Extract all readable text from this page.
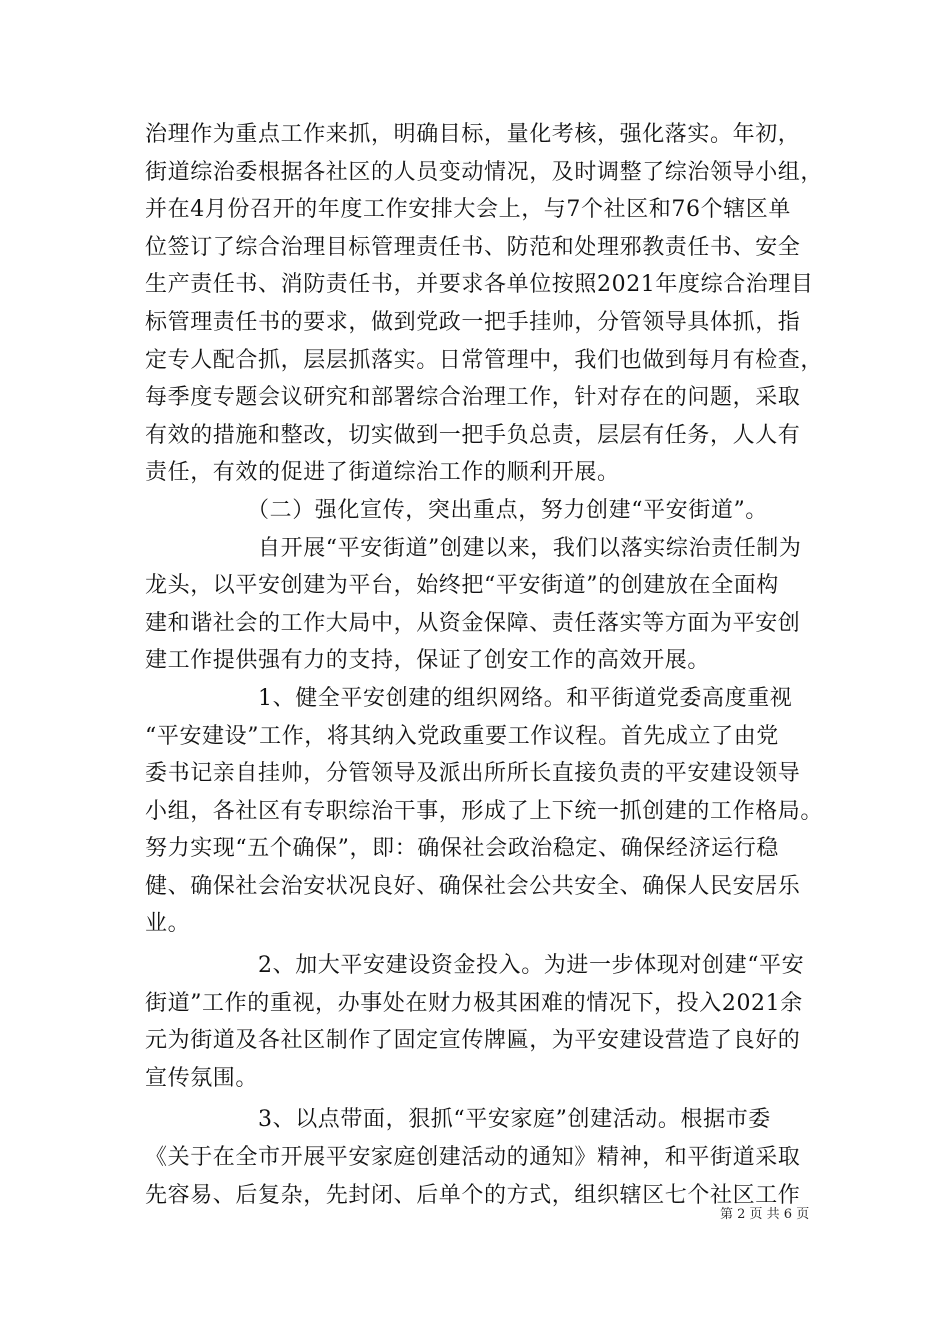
治理作为重点工作来抓，明确目标，量化考核，强化落实。年初，
街道综治委根据各社区的人员变动情况，及时调整了综治领导小组，
并在4月份召开的年度工作安排大会上，与7个社区和76个辖区单
位签订了综合治理目标管理责任书、防范和处理邪教责任书、安全
生产责任书、消防责任书，并要求各单位按照2021年度综合治理目
标管理责任书的要求，做到党政一把手挂帅，分管领导具体抓，指
定专人配合抓，层层抓落实。日常管理中，我们也做到每月有检查，
每季度专题会议研究和部署综合治理工作，针对存在的问题，采取
有效的措施和整改，切实做到一把手负总责，层层有任务，人人有
责任，有效的促进了街道综治工作的顺利开展。
　　　　　（二）强化宣传，突出重点，努力创建“平安街道”。
　　　　　自开展“平安街道”创建以来，我们以落实综治责任制为
龙头，以平安创建为平台，始终把“平安街道”的创建放在全面构
建和谐社会的工作大局中，从资金保障、责任落实等方面为平安创
建工作提供强有力的支持，保证了创安工作的高效开展。
　　　　　1、健全平安创建的组织网络。和平街道党委高度重视
“平安建设”工作，将其纳入党政重要工作议程。首先成立了由党
委书记亲自挂帅，分管领导及派出所所长直接负责的平安建设领导
小组，各社区有专职综治干事，形成了上下统一抓创建的工作格局。
努力实现“五个确保”，即：确保社会政治稳定、确保经济运行稳
健、确保社会治安状况良好、确保社会公共安全、确保人民安居乐
业。
　　　　　2、加大平安建设资金投入。为进一步体现对创建“平安
街道”工作的重视，办事处在财力极其困难的情况下，投入2021余
元为街道及各社区制作了固定宣传牌匾，为平安建设营造了良好的
宣传氛围。
　　　　　3、以点带面，狠抓“平安家庭”创建活动。根据市委
《关于在全市开展平安家庭创建活动的通知》精神，和平街道采取
先容易、后复杂，先封闭、后单个的方式，组织辖区七个社区工作
第 2 页 共 6 页
